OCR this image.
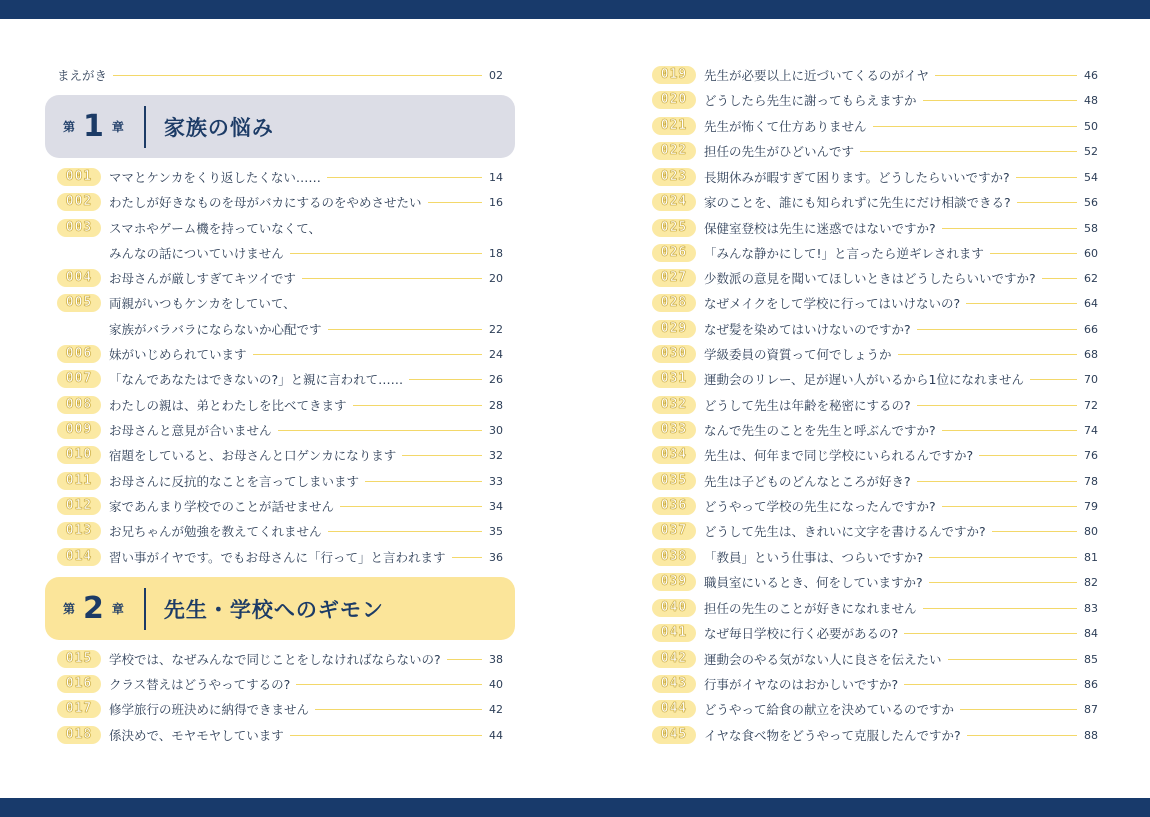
まえがき	02
001	ママとケンカをくり返したくない……	14
002	わたしが好きなものを母がバカにするのをやめさせたい	16
003	スマホやゲーム機を持っていなくて、
みんなの話についていけません	18
004	お母さんが厳しすぎてキツイです	20
005	両親がいつもケンカをしていて、
家族がバラバラにならないか心配です	22
006	妹がいじめられています	24
007	「なんであなたはできないの?」と親に言われて……	26
008	わたしの親は、弟とわたしを比べてきます	28
009	お母さんと意見が合いません	30
010	宿題をしていると、お母さんと口ゲンカになります	32
011	お母さんに反抗的なことを言ってしまいます	33
012	家であんまり学校でのことが話せません	34
013	お兄ちゃんが勉強を教えてくれません	35
014	習い事がイヤです。でもお母さんに「行って」と言われます	36
015	学校では、なぜみんなで同じことをしなければならないの?	38
016	クラス替えはどうやってするの?	40
017	修学旅行の班決めに納得できません	42
018	係決めで、モヤモヤしています	44
第 1 章 家族の悩み
第 2 章 先生・学校へのギモン
019	先生が必要以上に近づいてくるのがイヤ	46
020	どうしたら先生に謝ってもらえますか	48
021	先生が怖くて仕方ありません	50
022	担任の先生がひどいんです	52
023	長期休みが暇すぎて困ります。どうしたらいいですか?	54
024	家のことを、誰にも知られずに先生にだけ相談できる?	56
025	保健室登校は先生に迷惑ではないですか?	58
026	「みんな静かにして!」と言ったら逆ギレされます	60
027	少数派の意見を聞いてほしいときはどうしたらいいですか?	62
028	なぜメイクをして学校に行ってはいけないの?	64
029	なぜ髪を染めてはいけないのですか?	66
030	学級委員の資質って何でしょうか	68
031	運動会のリレー、足が遅い人がいるから1位になれません	70
032	どうして先生は年齢を秘密にするの?	72
033	なんで先生のことを先生と呼ぶんですか?	74
034	先生は、何年まで同じ学校にいられるんですか?	76
035	先生は子どものどんなところが好き?	78
036	どうやって学校の先生になったんですか?	79
037	どうして先生は、きれいに文字を書けるんですか?	80
038	「教員」という仕事は、つらいですか?	81
039	職員室にいるとき、何をしていますか?	82
040	担任の先生のことが好きになれません	83
041	なぜ毎日学校に行く必要があるの?	84
042	運動会のやる気がない人に良さを伝えたい	85
043	行事がイヤなのはおかしいですか?	86
044	どうやって給食の献立を決めているのですか	87
045	イヤな食べ物をどうやって克服したんですか?	88
